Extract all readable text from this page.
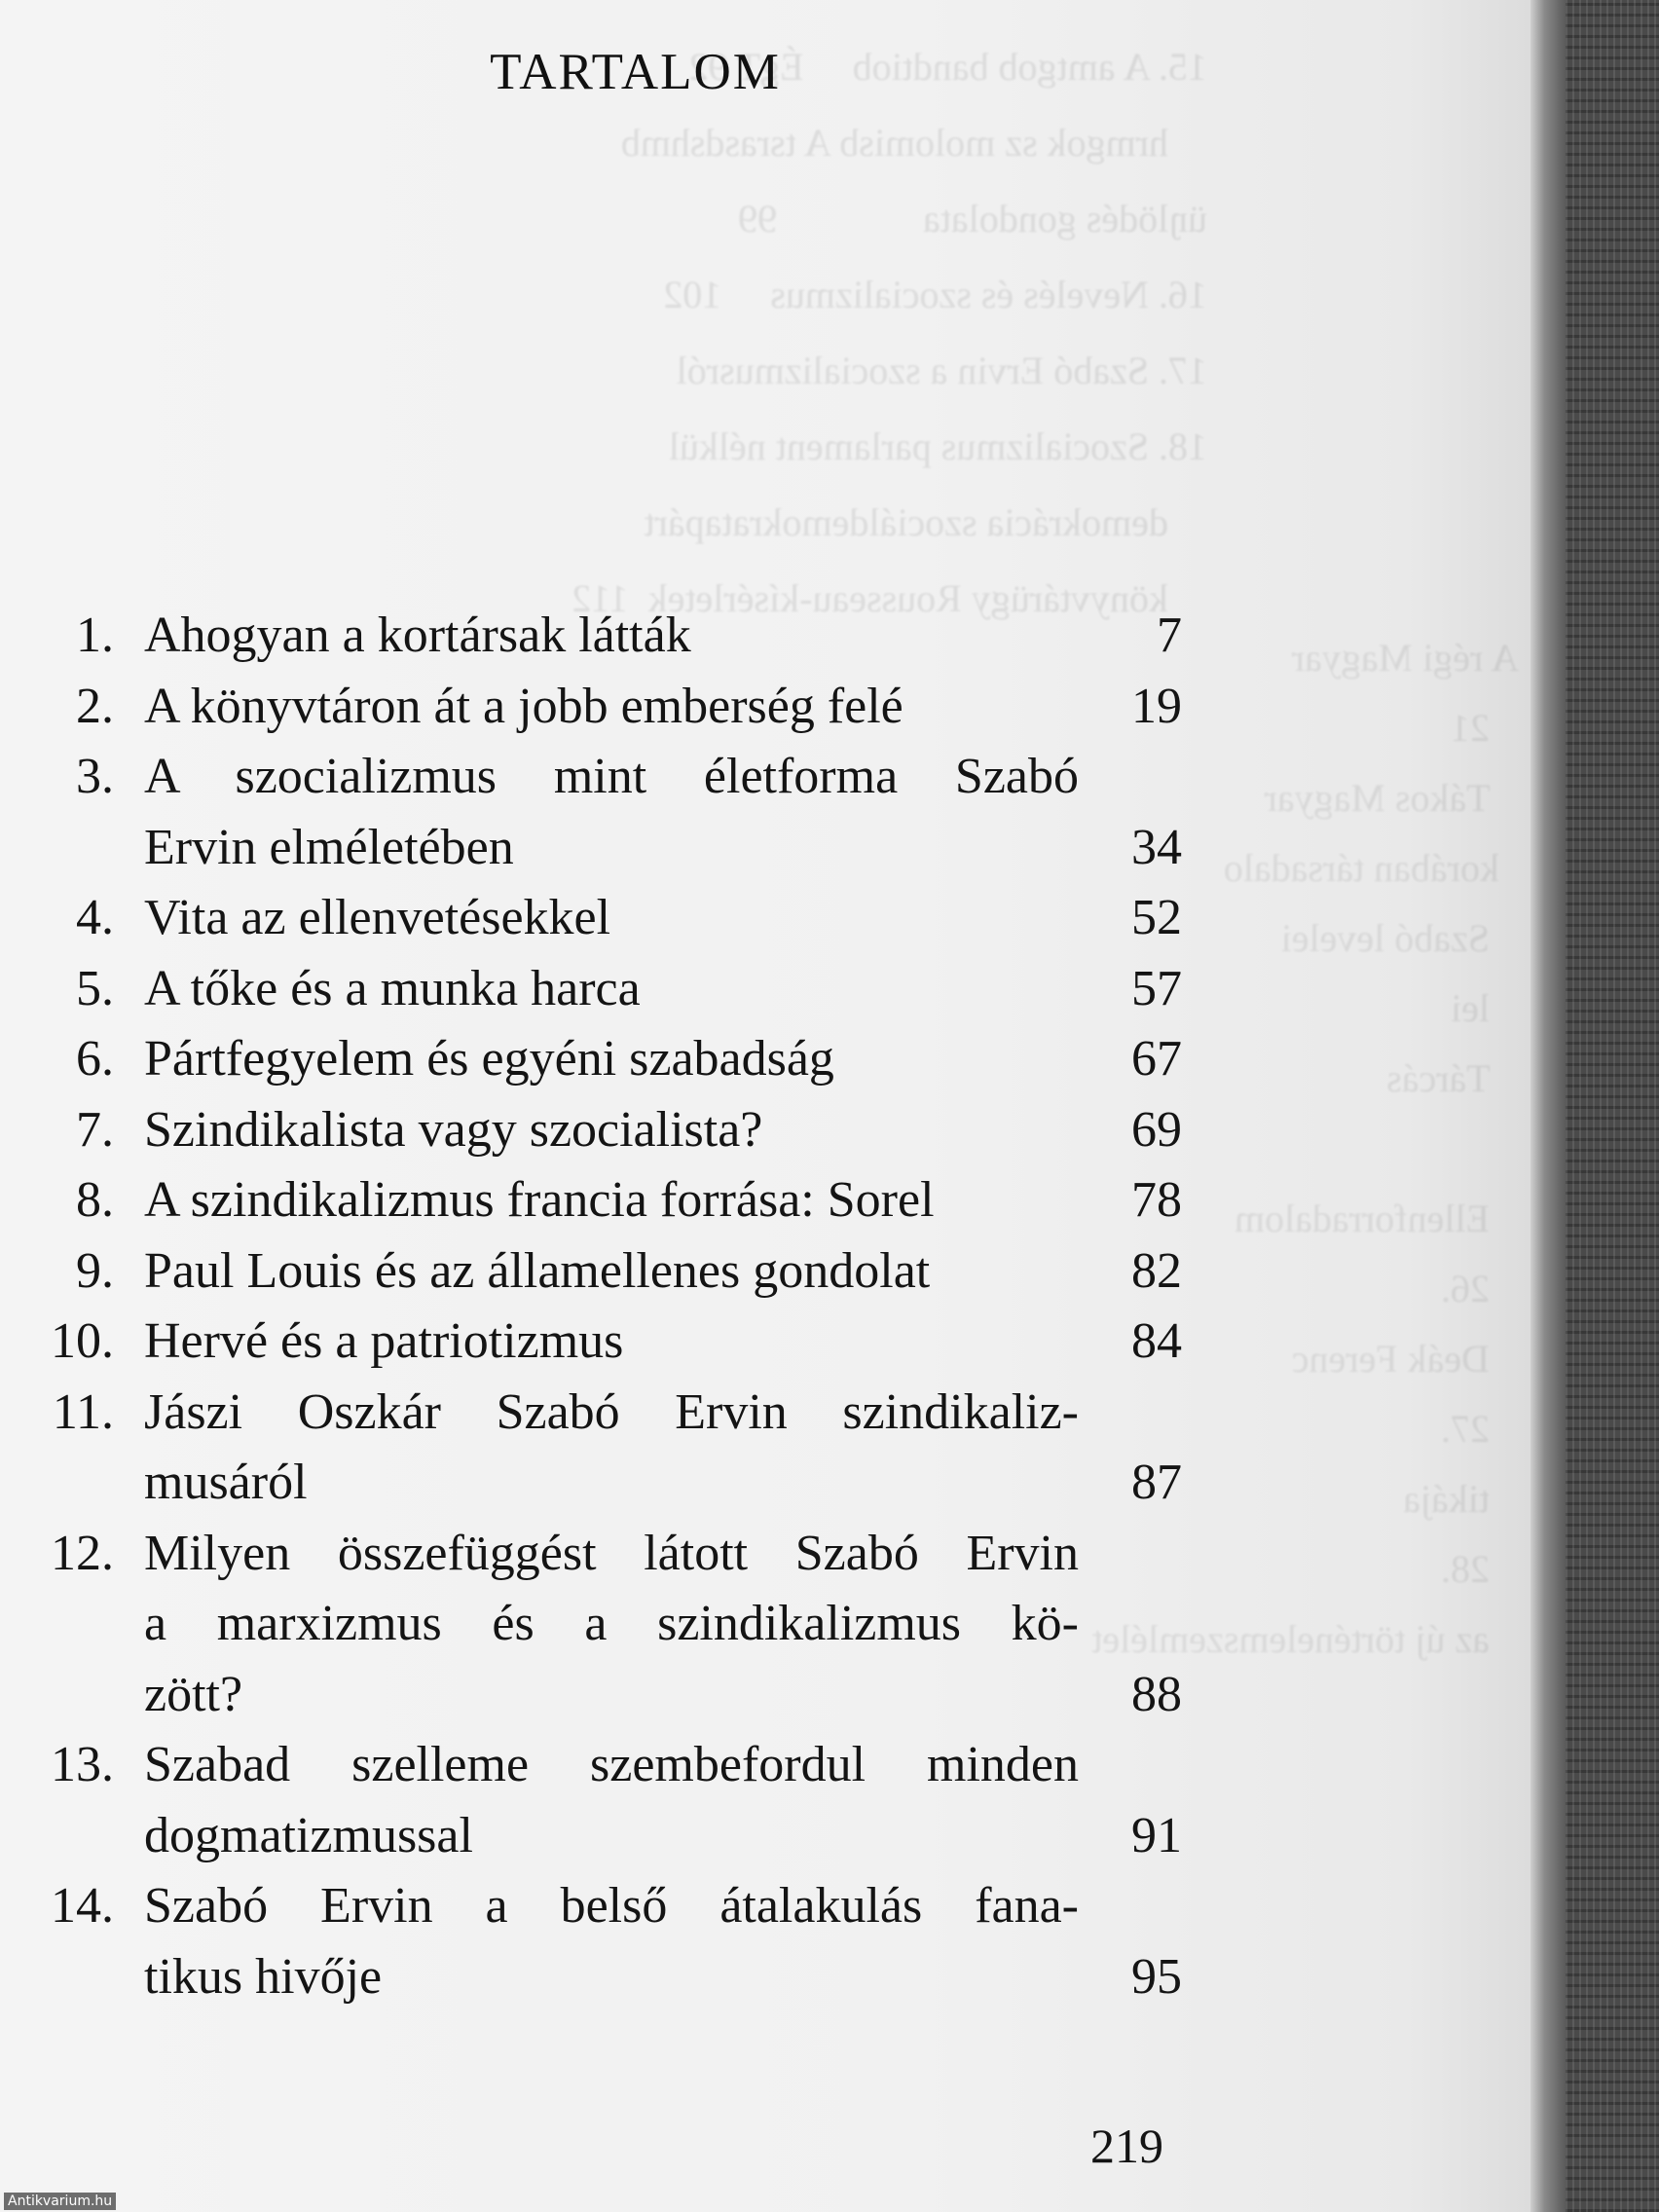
15. A amtgob bandtiob     ÉgT 92
hrmgok sz molomisb A tsrasdshmb
üŋlödés gondolata               99
16. Nevelés és szocializmus     102
17. Szabó Ervin a szocializmusról
18. Szocializmus parlament nélkül
demokrácia szociáldemokratapárt
könyvtárügy Rousseau-kísérletek  112
A régi Magyar
21
Tákos Magyar
korában társadalo
Szabó levelei
lei
Tárcás

Ellenforradalom
26.
Deák Ferenc
27.
tikája
28.
az új történelemszemlélet
TARTALOM
1. Ahogyan a kortársak látták	7
2. A könyvtáron át a jobb emberség felé	19
3. A szocializmus mint életforma Szabó
Ervin elméletében	34
4. Vita az ellenvetésekkel	52
5. A tőke és a munka harca	57
6. Pártfegyelem és egyéni szabadság	67
7. Szindikalista vagy szocialista?	69
8. A szindikalizmus francia forrása: Sorel	78
9. Paul Louis és az államellenes gondolat	82
10. Hervé és a patriotizmus	84
11. Jászi Oszkár Szabó Ervin szindikaliz-
musáról	87
12. Milyen összefüggést látott Szabó Ervin
a marxizmus és a szindikalizmus kö-
zött?	88
13. Szabad szelleme szembefordul minden
dogmatizmussal	91
14. Szabó Ervin a belső átalakulás fana-
tikus hivője	95
219
Antikvarium.hu
